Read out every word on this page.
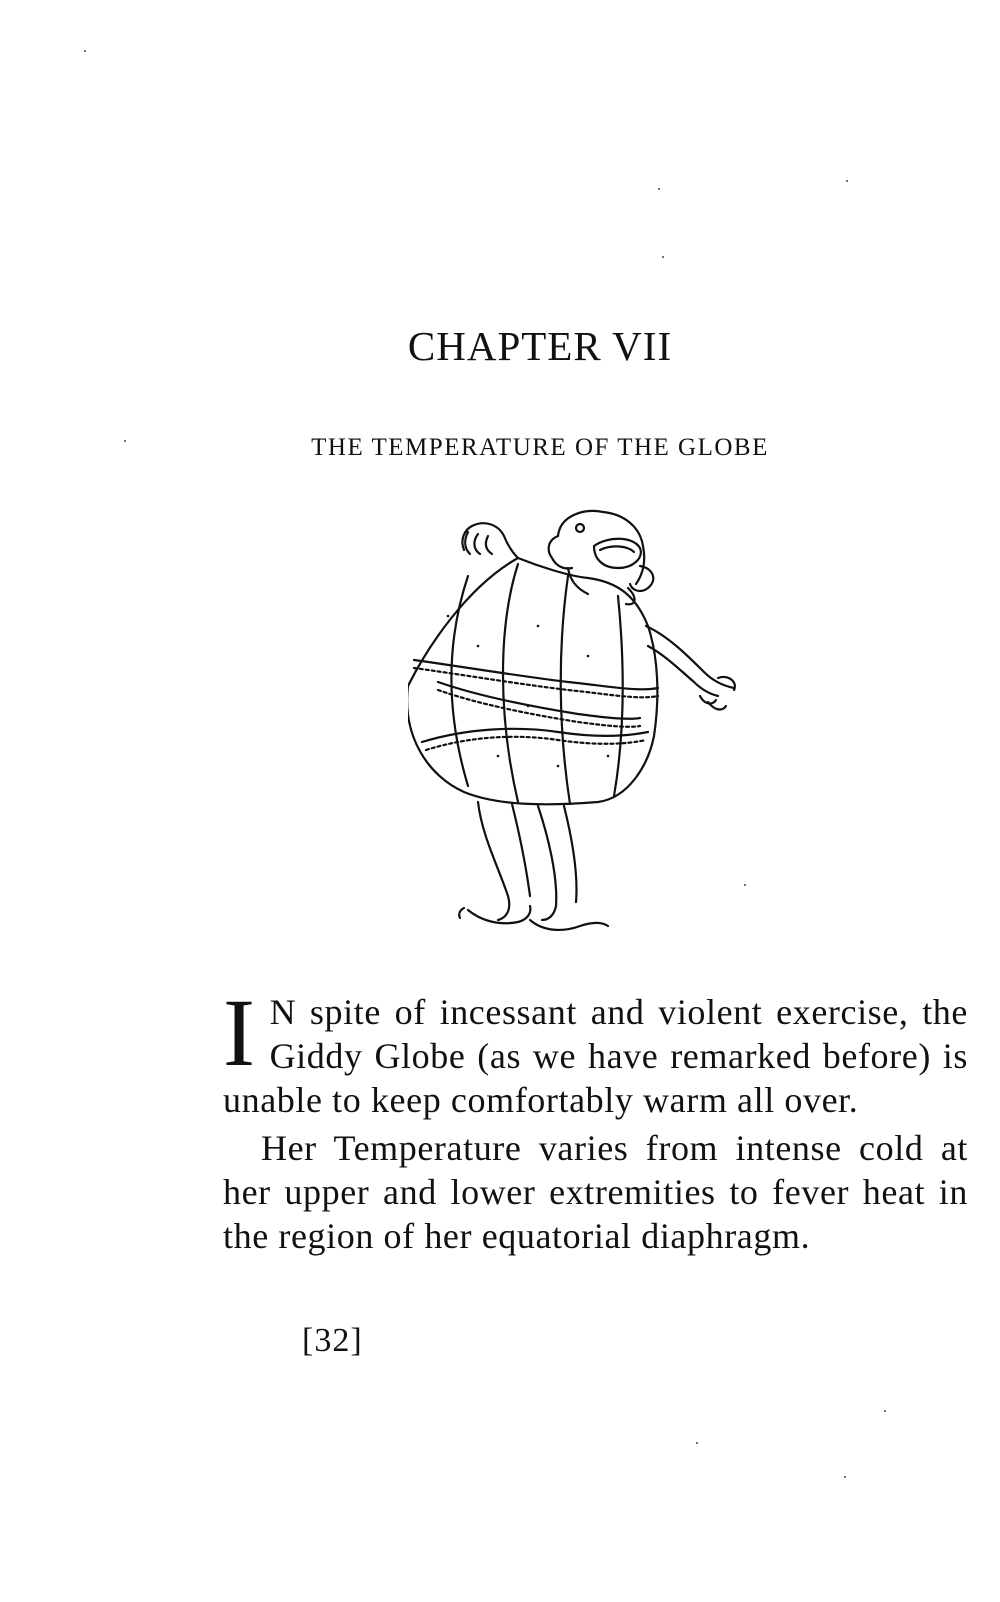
CHAPTER VII
THE TEMPERATURE OF THE GLOBE

I N spite of incessant and violent exercise, the Giddy Globe (as we have remarked before) is unable to keep comfortably warm all over.

Her Temperature varies from intense cold at her upper and lower extremities to fever heat in the region of her equatorial diaphragm.

[32]
